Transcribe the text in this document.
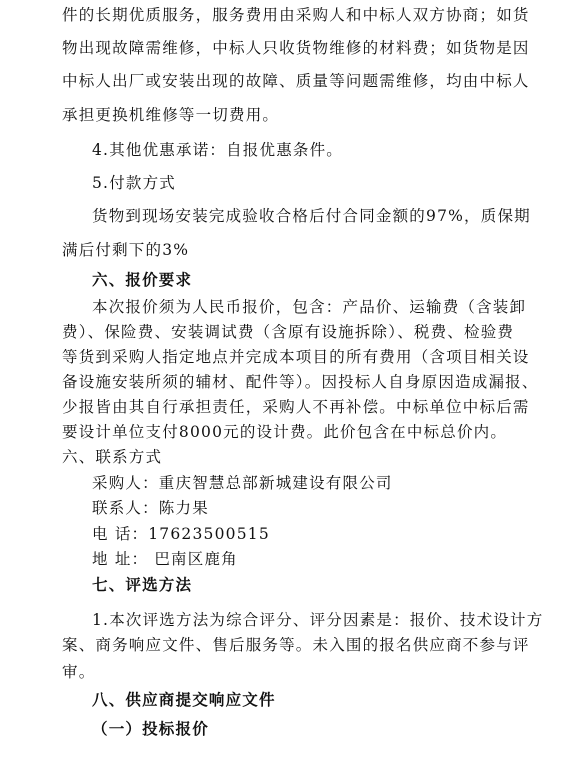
件的长期优质服务，服务费用由采购人和中标人双方协商；如货
物出现故障需维修，中标人只收货物维修的材料费；如货物是因
中标人出厂或安装出现的故障、质量等问题需维修，均由中标人
承担更换机维修等一切费用。
4.其他优惠承诺：自报优惠条件。
5.付款方式
货物到现场安装完成验收合格后付合同金额的97%，质保期
满后付剩下的3%
六、报价要求
本次报价须为人民币报价，包含：产品价、运输费（含装卸
费）、保险费、安装调试费（含原有设施拆除）、税费、检验费
等货到采购人指定地点并完成本项目的所有费用（含项目相关设
备设施安装所须的辅材、配件等）。因投标人自身原因造成漏报、
少报皆由其自行承担责任，采购人不再补偿。中标单位中标后需
要设计单位支付8000元的设计费。此价包含在中标总价内。
六、联系方式
采购人：重庆智慧总部新城建设有限公司
联系人：陈力果
电 话：17623500515
地 址： 巴南区鹿角
七、评选方法
1.本次评选方法为综合评分、评分因素是：报价、技术设计方
案、商务响应文件、售后服务等。未入围的报名供应商不参与评
审。
八、供应商提交响应文件
（一）投标报价
